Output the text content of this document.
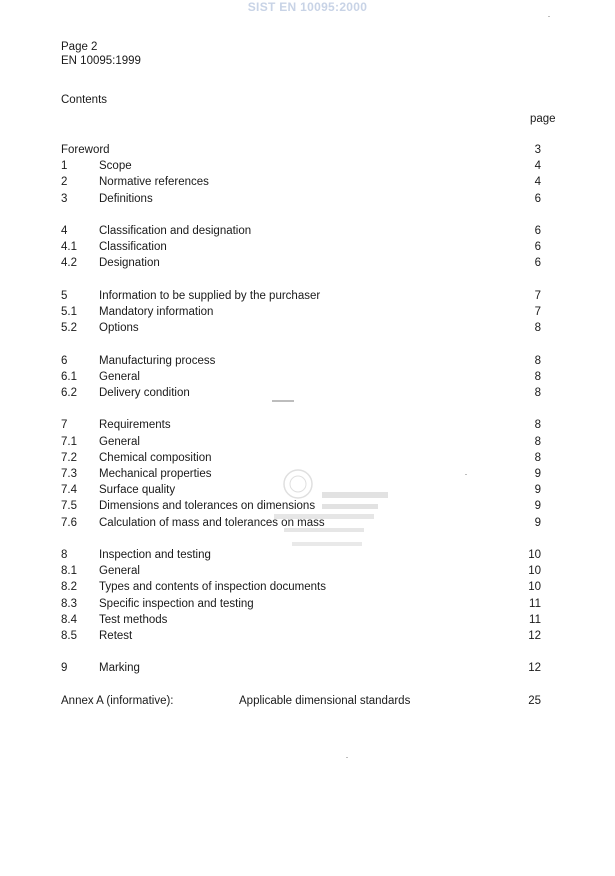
SIST EN 10095:2000
Page 2
EN 10095:1999
Contents
page
Foreword	3
1	Scope	4
2	Normative references	4
3	Definitions	6
4	Classification and designation	6
4.1 Classification	6
4.2 Designation	6
5	Information to be supplied by the purchaser	7
5.1 Mandatory information	7
5.2 Options	8
6	Manufacturing process	8
6.1 General	8
6.2 Delivery condition	8
7	Requirements	8
7.1 General	8
7.2 Chemical composition	8
7.3 Mechanical properties	9
7.4 Surface quality	9
7.5 Dimensions and tolerances on dimensions	9
7.6 Calculation of mass and tolerances on mass	9
8	Inspection and testing	10
8.1 General	10
8.2 Types and contents of inspection documents	10
8.3 Specific inspection and testing	11
8.4 Test methods	11
8.5 Retest	12
9	Marking	12
Annex A (informative):	Applicable dimensional standards	25
